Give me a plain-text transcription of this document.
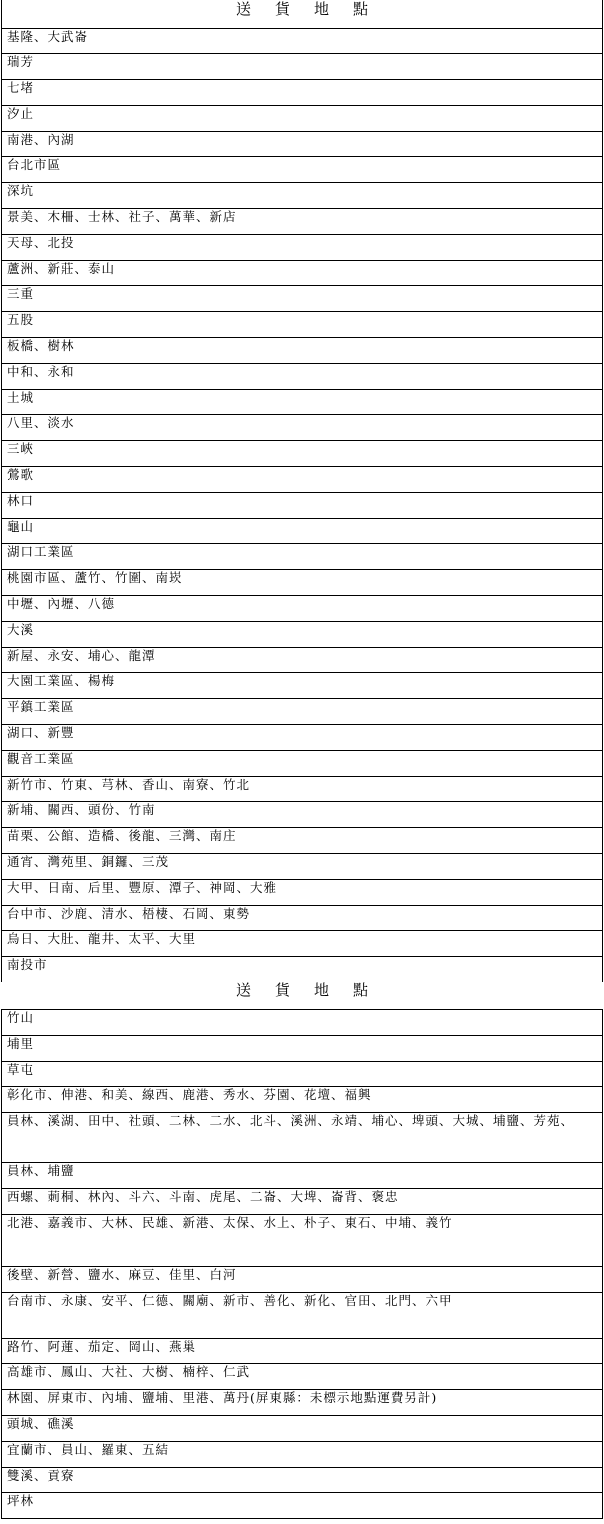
送貨地點
基隆、大武崙
瑞芳
七堵
汐止
南港、內湖
台北市區
深坑
景美、木柵、士林、社子、萬華、新店
天母、北投
蘆洲、新莊、泰山
三重
五股
板橋、樹林
中和、永和
土城
八里、淡水
三峽
鶯歌
林口
龜山
湖口工業區
桃園市區、蘆竹、竹圍、南崁
中壢、內壢、八德
大溪
新屋、永安、埔心、龍潭
大園工業區、楊梅
平鎮工業區
湖口、新豐
觀音工業區
新竹市、竹東、芎林、香山、南寮、竹北
新埔、關西、頭份、竹南
苗栗、公館、造橋、後龍、三灣、南庄
通宵、灣苑里、銅鑼、三茂
大甲、日南、后里、豐原、潭子、神岡、大雅
台中市、沙鹿、清水、梧棲、石岡、東勢
烏日、大肚、龍井、太平、大里
南投市
送貨地點
竹山
埔里
草屯
彰化市、伸港、和美、線西、鹿港、秀水、芬園、花壇、福興
員林、溪湖、田中、社頭、二林、二水、北斗、溪洲、永靖、埔心、埤頭、大城、埔鹽、芳苑、
員林、埔鹽
西螺、莿桐、林內、斗六、斗南、虎尾、二崙、大埤、崙背、褒忠
北港、嘉義市、大林、民雄、新港、太保、水上、朴子、東石、中埔、義竹
後壁、新營、鹽水、麻豆、佳里、白河
台南市、永康、安平、仁德、關廟、新市、善化、新化、官田、北門、六甲
路竹、阿蓮、茄定、岡山、燕巢
高雄市、鳳山、大社、大樹、楠梓、仁武
林園、屏東市、內埔、鹽埔、里港、萬丹(屏東縣：未標示地點運費另計)
頭城、礁溪
宜蘭市、員山、羅東、五結
雙溪、貢寮
坪林
